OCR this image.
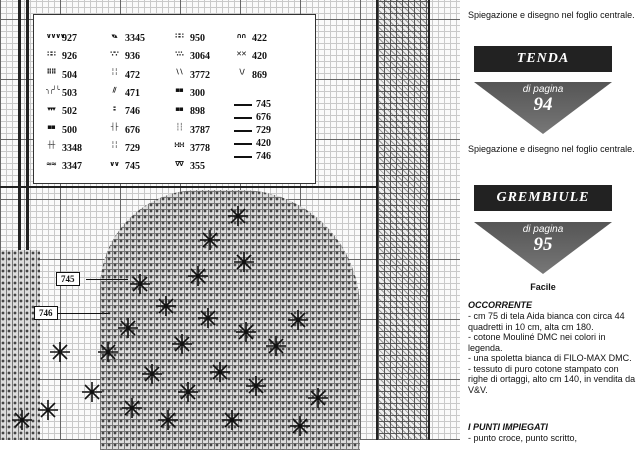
∨∨∨∨
927
∷∷ 926
⠿⠿ 504
╮╭╯╰ 503
▾▾▾ 502
▪▪ 500
┼┼ 3348
≈≈ 3347
▾▴ 3345
∵∵ 936
╎╎ 472
∕∕ 471
∶∶ 746
┤├ 676
╎╎ 729
∨∨ 745
∷∷ 950
∵∴ 3064
∖∖ 3772
▪▪ 300
▪▪ 898
┆┆ 3787
∺∺ 3778
∇∇ 355
∩∩ 422
✕✕ 420
∖∕ 869
745
676
729
420
746
745
746
Spiegazione e disegno nel foglio centrale.
TENDA
di pagina
94
Spiegazione e disegno nel foglio centrale.
GREMBIULE
di pagina
95
Facile
OCCORRENTE
- cm 75 di tela Aida bianca con circa 44 quadretti in 10 cm, alta cm 180.
- cotone Mouliné DMC nei colori in legenda.
- una spoletta bianca di FILO-MAX DMC.
- tessuto di puro cotone stampato con righe di ortaggi, alto cm 140, in vendita da V&V.
I PUNTI IMPIEGATI
- punto croce, punto scritto,
